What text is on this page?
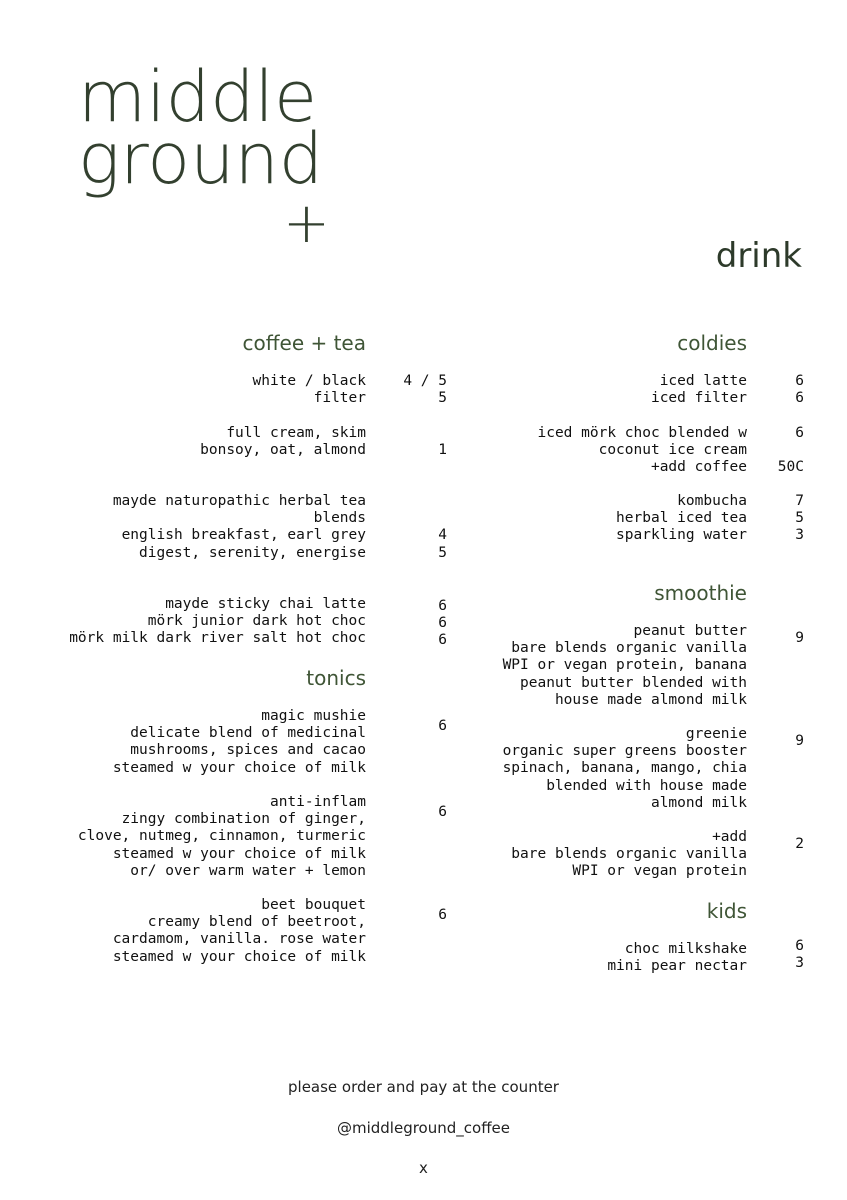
middle
ground
+	drink
coffee + tea
tonics
coldies
smoothie
kids
white / black
filter
4 / 5
5
full cream, skim
bonsoy, oat, almond	1
mayde naturopathic herbal tea
blends
english breakfast, earl grey
digest, serenity, energise

4
5
mayde sticky chai latte
mörk junior dark hot choc
mörk milk dark river salt hot choc
6
6
6
magic mushie
delicate blend of medicinal
mushrooms, spices and cacao
steamed w your choice of milk
6
anti-inflam
zingy combination of ginger,
clove, nutmeg, cinnamon, turmeric
steamed w your choice of milk
or/ over warm water + lemon
6
beet bouquet
creamy blend of beetroot,
cardamom, vanilla. rose water
steamed w your choice of milk
6
iced latte
iced filter
6
6
iced mörk choc blended w
coconut ice cream
+add coffee
6

50C
kombucha
herbal iced tea
sparkling water
7
5
3
peanut butter
bare blends organic vanilla
WPI or vegan protein, banana
peanut butter blended with
house made almond milk
9
greenie
organic super greens booster
spinach, banana, mango, chia
blended with house made
almond milk
9
+add
bare blends organic vanilla
WPI or vegan protein
2
choc milkshake
mini pear nectar
6
3
please order and pay at the counter
@middleground_coffee
x
